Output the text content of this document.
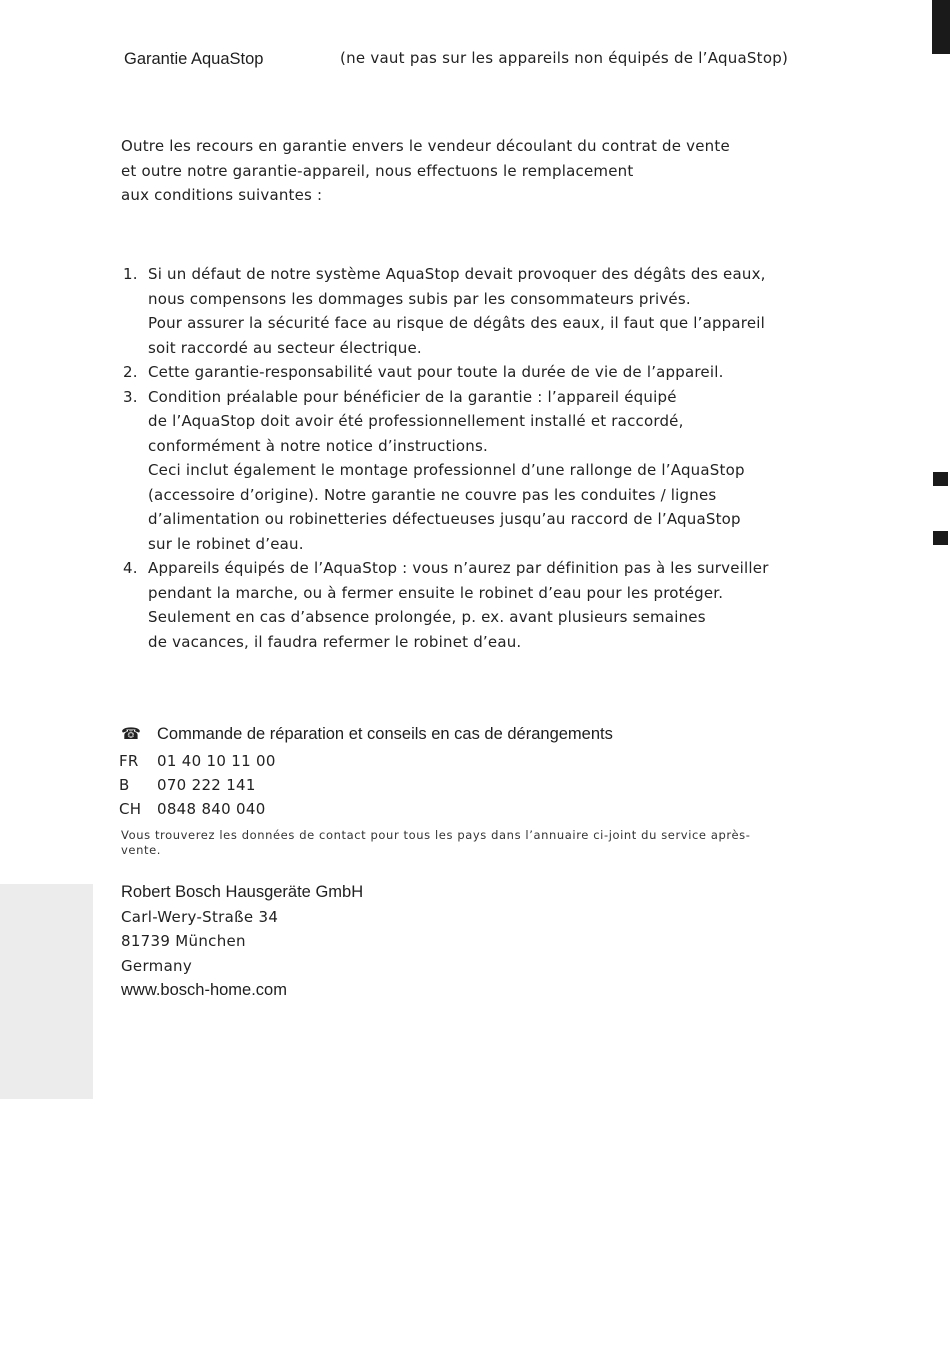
Garantie AquaStop	(ne vaut pas sur les appareils non équipés de l’AquaStop)
Outre les recours en garantie envers le vendeur découlant du contrat de vente
et outre notre garantie-appareil, nous effectuons le remplacement
aux conditions suivantes :
1. Si un défaut de notre système AquaStop devait provoquer des dégâts des eaux,
nous compensons les dommages subis par les consommateurs privés.
Pour assurer la sécurité face au risque de dégâts des eaux, il faut que l’appareil
soit raccordé au secteur électrique.
2. Cette garantie-responsabilité vaut pour toute la durée de vie de l’appareil.
3. Condition préalable pour bénéficier de la garantie : l’appareil équipé
de l’AquaStop doit avoir été professionnellement installé et raccordé,
conformément à notre notice d’instructions.
Ceci inclut également le montage professionnel d’une rallonge de l’AquaStop
(accessoire d’origine). Notre garantie ne couvre pas les conduites / lignes
d’alimentation ou robinetteries défectueuses jusqu’au raccord de l’AquaStop
sur le robinet d’eau.
4. Appareils équipés de l’AquaStop : vous n’aurez par définition pas à les surveiller
pendant la marche, ou à fermer ensuite le robinet d’eau pour les protéger.
Seulement en cas d’absence prolongée, p. ex. avant plusieurs semaines
de vacances, il faudra refermer le robinet d’eau.
☎ Commande de réparation et conseils en cas de dérangements
FR 01 40 10 11 00
B 070 222 141
CH 0848 840 040
Vous trouverez les données de contact pour tous les pays dans l’annuaire ci-joint du service après-vente.
Robert Bosch Hausgeräte GmbH
Carl-Wery-Straße 34
81739 München
Germany
www.bosch-home.com
